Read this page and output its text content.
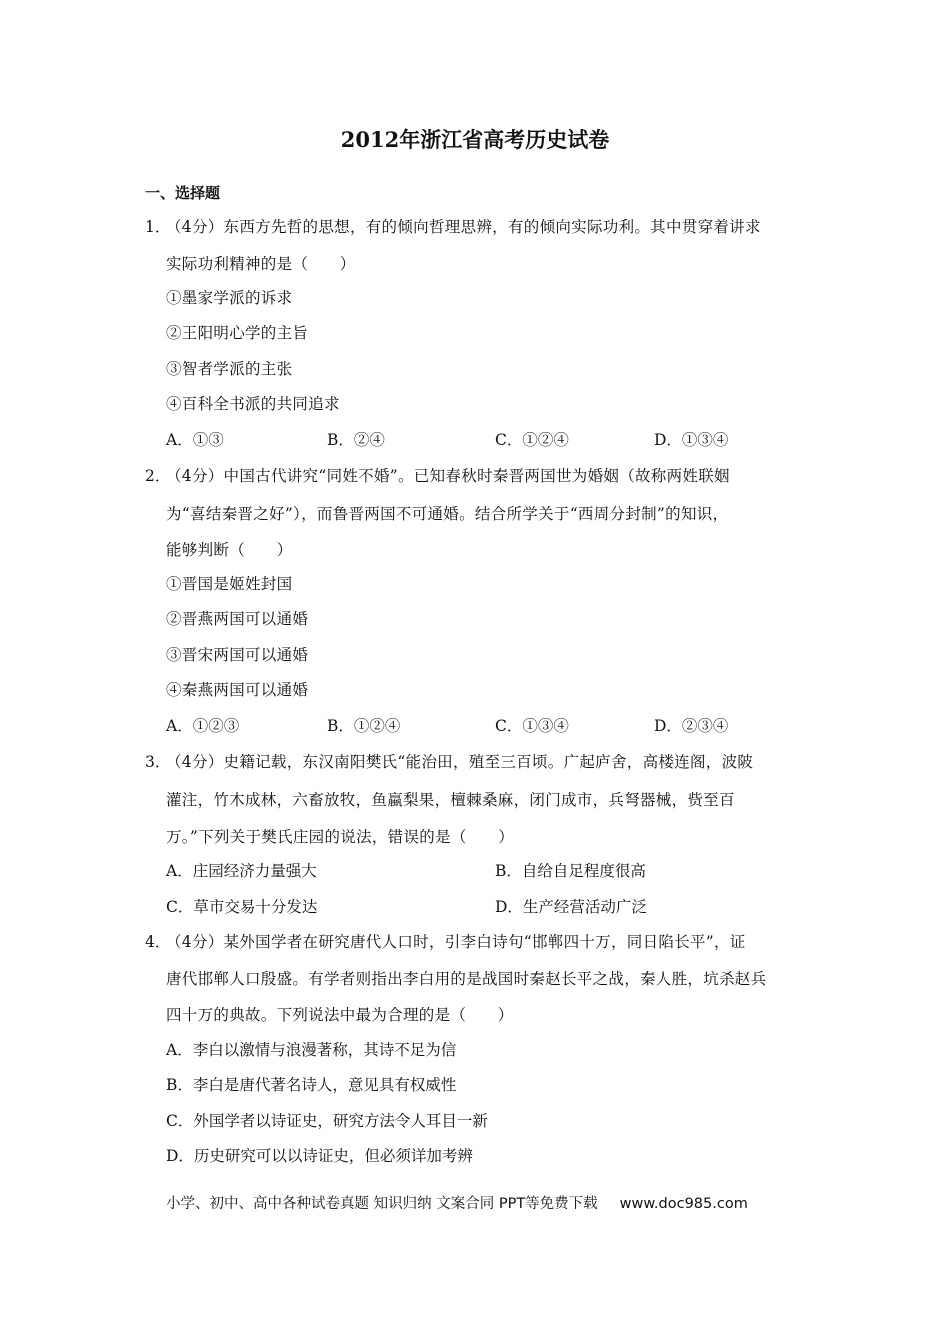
2012年浙江省高考历史试卷
一、选择题
1．
（4分）东西方先哲的思想，有的倾向哲理思辨，有的倾向实际功利。其中贯穿着讲求
实际功利精神的是（　　）
①墨家学派的诉求
②王阳明心学的主旨
③智者学派的主张
④百科全书派的共同追求
A．①③	B．②④	C．①②④	D．①③④
2．
（4分）中国古代讲究“同姓不婚”。已知春秋时秦晋两国世为婚姻（故称两姓联姻
为“喜结秦晋之好”），而鲁晋两国不可通婚。结合所学关于“西周分封制”的知识，
能够判断（　　）
①晋国是姬姓封国
②晋燕两国可以通婚
③晋宋两国可以通婚
④秦燕两国可以通婚
A．①②③	B．①②④	C．①③④	D．②③④
3．
（4分）史籍记载，东汉南阳樊氏“能治田，殖至三百顷。广起庐舍，高楼连阁，波陂
灌注，竹木成林，六畜放牧，鱼蠃梨果，檀棘桑麻，闭门成市，兵弩器械，赀至百
万。”下列关于樊氏庄园的说法，错误的是（　　）
A．庄园经济力量强大	B．自给自足程度很高
C．草市交易十分发达	D．生产经营活动广泛
4．
（4分）某外国学者在研究唐代人口时，引李白诗句“邯郸四十万，同日陷长平”，证
唐代邯郸人口殷盛。有学者则指出李白用的是战国时秦赵长平之战，秦人胜，坑杀赵兵
四十万的典故。下列说法中最为合理的是（　　）
A．李白以激情与浪漫著称，其诗不足为信
B．李白是唐代著名诗人，意见具有权威性
C．外国学者以诗证史，研究方法令人耳目一新
D．历史研究可以以诗证史，但必须详加考辨
小学、初中、高中各种试卷真题 知识归纳 文案合同 PPT等免费下载 www.doc985.com
